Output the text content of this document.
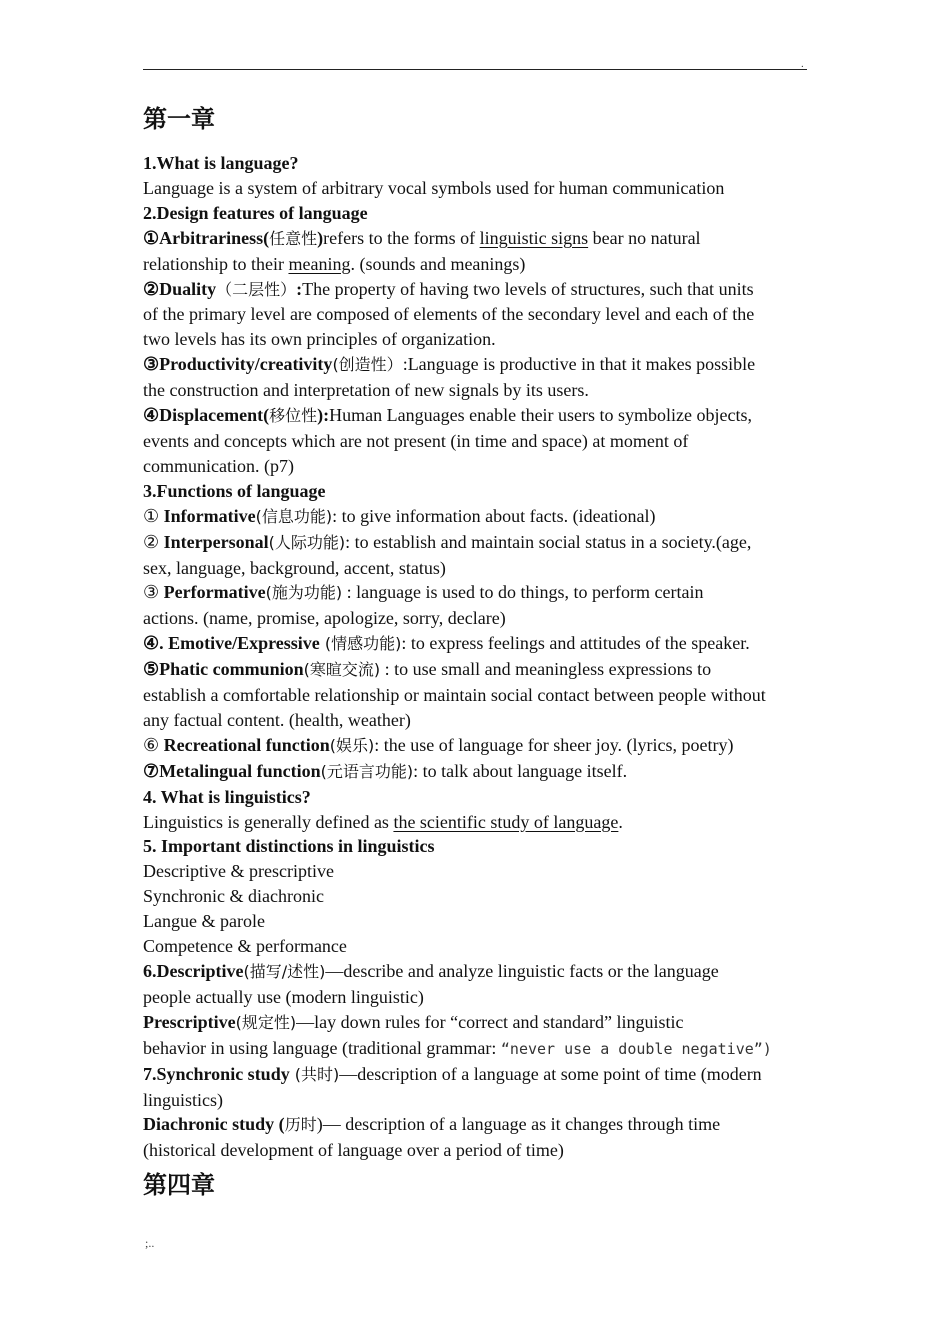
.
第一章
1.What is language?
Language is a system of arbitrary vocal symbols used for human communication
2.Design features of language
①Arbitrariness(任意性)refers to the forms of linguistic signs bear no natural
relationship to their meaning. (sounds and meanings)
②Duality（二层性）:The property of having two levels of structures, such that units
of the primary level are composed of elements of the secondary level and each of the
two levels has its own principles of organization.
③Productivity/creativity(创造性）:Language is productive in that it makes possible
the construction and interpretation of new signals by its users.
④Displacement(移位性):Human Languages enable their users to symbolize objects,
events and concepts which are not present (in time and space) at moment of
communication. (p7)
3.Functions of language
① Informative(信息功能): to give information about facts. (ideational)
② Interpersonal(人际功能): to establish and maintain social status in a society.(age,
sex, language, background, accent, status)
③ Performative(施为功能) : language is used to do things, to perform certain
actions. (name, promise, apologize, sorry, declare)
④. Emotive/Expressive (情感功能): to express feelings and attitudes of the speaker.
⑤Phatic communion(寒暄交流) : to use small and meaningless expressions to
establish a comfortable relationship or maintain social contact between people without
any factual content. (health, weather)
⑥ Recreational function(娱乐): the use of language for sheer joy. (lyrics, poetry)
⑦Metalingual function(元语言功能): to talk about language itself.
4. What is linguistics?
Linguistics is generally defined as the scientific study of language.
5. Important distinctions in linguistics
Descriptive & prescriptive
Synchronic & diachronic
Langue & parole
Competence & performance
6.Descriptive(描写/述性)—describe and analyze linguistic facts or the language
people actually use (modern linguistic)
Prescriptive(规定性)—lay down rules for “correct and standard” linguistic
behavior in using language (traditional grammar: “never use a double negative”)
7.Synchronic study (共时)—description of a language at some point of time (modern
linguistics)
Diachronic study (历时)— description of a language as it changes through time
(historical development of language over a period of time)
第四章
;..
